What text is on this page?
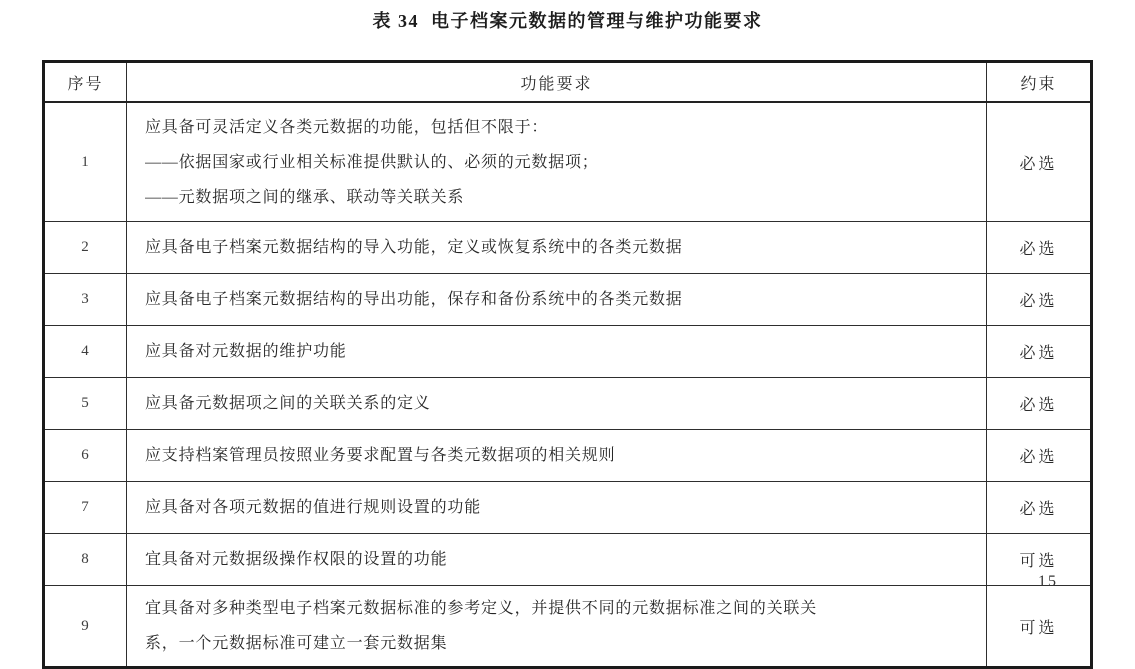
表 34  电子档案元数据的管理与维护功能要求
序号	功能要求	约束
1	应具备可灵活定义各类元数据的功能，包括但不限于：
——依据国家或行业相关标准提供默认的、必须的元数据项；
——元数据项之间的继承、联动等关联关系	必选
2	应具备电子档案元数据结构的导入功能，定义或恢复系统中的各类元数据	必选
3	应具备电子档案元数据结构的导出功能，保存和备份系统中的各类元数据	必选
4	应具备对元数据的维护功能	必选
5	应具备元数据项之间的关联关系的定义	必选
6	应支持档案管理员按照业务要求配置与各类元数据项的相关规则	必选
7	应具备对各项元数据的值进行规则设置的功能	必选
8	宜具备对元数据级操作权限的设置的功能	可选
9	宜具备对多种类型电子档案元数据标准的参考定义，并提供不同的元数据标准之间的关联关
系，一个元数据标准可建立一套元数据集	可选
15
